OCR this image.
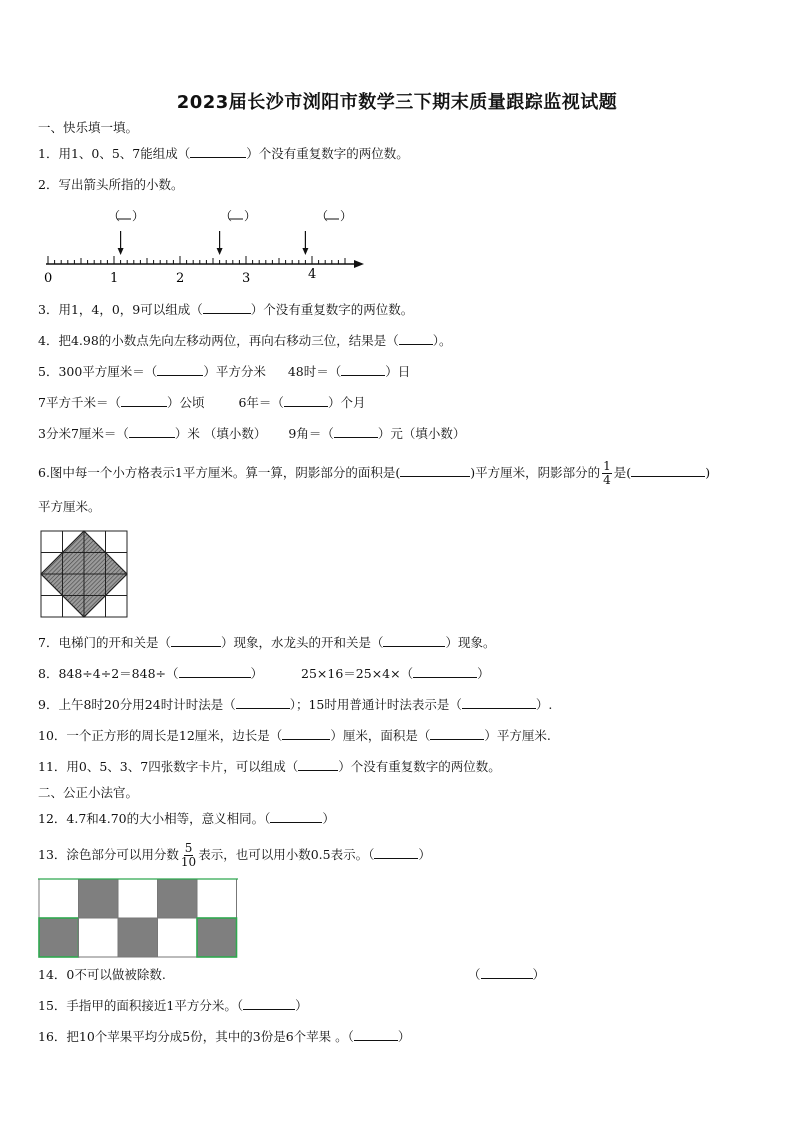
2023届长沙市浏阳市数学三下期末质量跟踪监视试题
一、快乐填一填。
1．用1、0、5、7能组成（	）个没有重复数字的两位数。
2．写出箭头所指的小数。
（ ）	（ ）	（ ）
0	1	2	3	4
3．用1，4，0，9可以组成（	）个没有重复数字的两位数。
4．把4.98的小数点先向左移动两位，再向右移动三位，结果是（	）。
5．300平方厘米＝（	）平方分米 48时＝（	）日
7平方千米＝（	）公顷	6年＝（	）个月
3分米7厘米＝（	）米 （填小数） 9角＝（	）元（填小数）
6.图中每一个小方格表示1平方厘米。算一算，阴影部分的面积是(	)平方厘米，阴影部分的 $\frac{1}{4}$ 是(	)
平方厘米。
7．电梯门的开和关是（	）现象，水龙头的开和关是（	）现象。
8．848÷4÷2＝848÷（	）	25×16＝25×4×（	）
9．上午8时20分用24时计时法是（	）；15时用普通计时法表示是（	）.
10．一个正方形的周长是12厘米，边长是（	）厘米，面积是（	）平方厘米.
11．用0、5、3、7四张数字卡片，可以组成（	）个没有重复数字的两位数。
二、公正小法官。
12．4.7和4.70的大小相等，意义相同。（	）
13．涂色部分可以用分数 $\frac{5}{10}$ 表示，也可以用小数0.5表示。（	）
14．0不可以做被除数.	（	）
15．手指甲的面积接近1平方分米。（	）
16．把10个苹果平均分成5份，其中的3份是6个苹果 。（	）
